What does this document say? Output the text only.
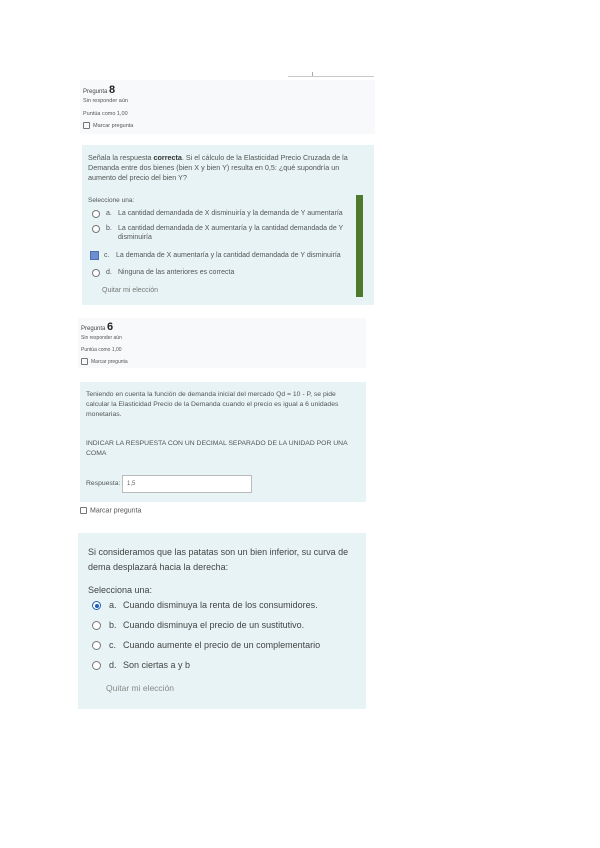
Pregunta 8
Sin responder aún
Puntúa como 1,00
Marcar pregunta
Señala la respuesta correcta. Si el cálculo de la Elasticidad Precio Cruzada de la Demanda entre dos bienes (bien X y bien Y) resulta en 0,5: ¿qué supondría un aumento del precio del bien Y?
Seleccione una:
a. La cantidad demandada de X disminuiría y la demanda de Y aumentaría
b. La cantidad demandada de X aumentaría y la cantidad demandada de Y disminuiría
c. La demanda de X aumentaría y la cantidad demandada de Y disminuiría
d. Ninguna de las anteriores es correcta
Quitar mi elección
Pregunta 6
Sin responder aún
Puntúa como 1,00
Marcar pregunta
Teniendo en cuenta la función de demanda inicial del mercado Qd = 10 - P, se pide calcular la Elasticidad Precio de la Demanda cuando el precio es igual a 6 unidades monetarias.
INDICAR LA RESPUESTA CON UN DECIMAL SEPARADO DE LA UNIDAD POR UNA COMA
Respuesta:	1,5
Marcar pregunta
Si consideramos que las patatas son un bien inferior, su curva de dema desplazará hacia la derecha:
Selecciona una:
a. Cuando disminuya la renta de los consumidores.
b. Cuando disminuya el precio de un sustitutivo.
c. Cuando aumente el precio de un complementario
d. Son ciertas a y b
Quitar mi elección
